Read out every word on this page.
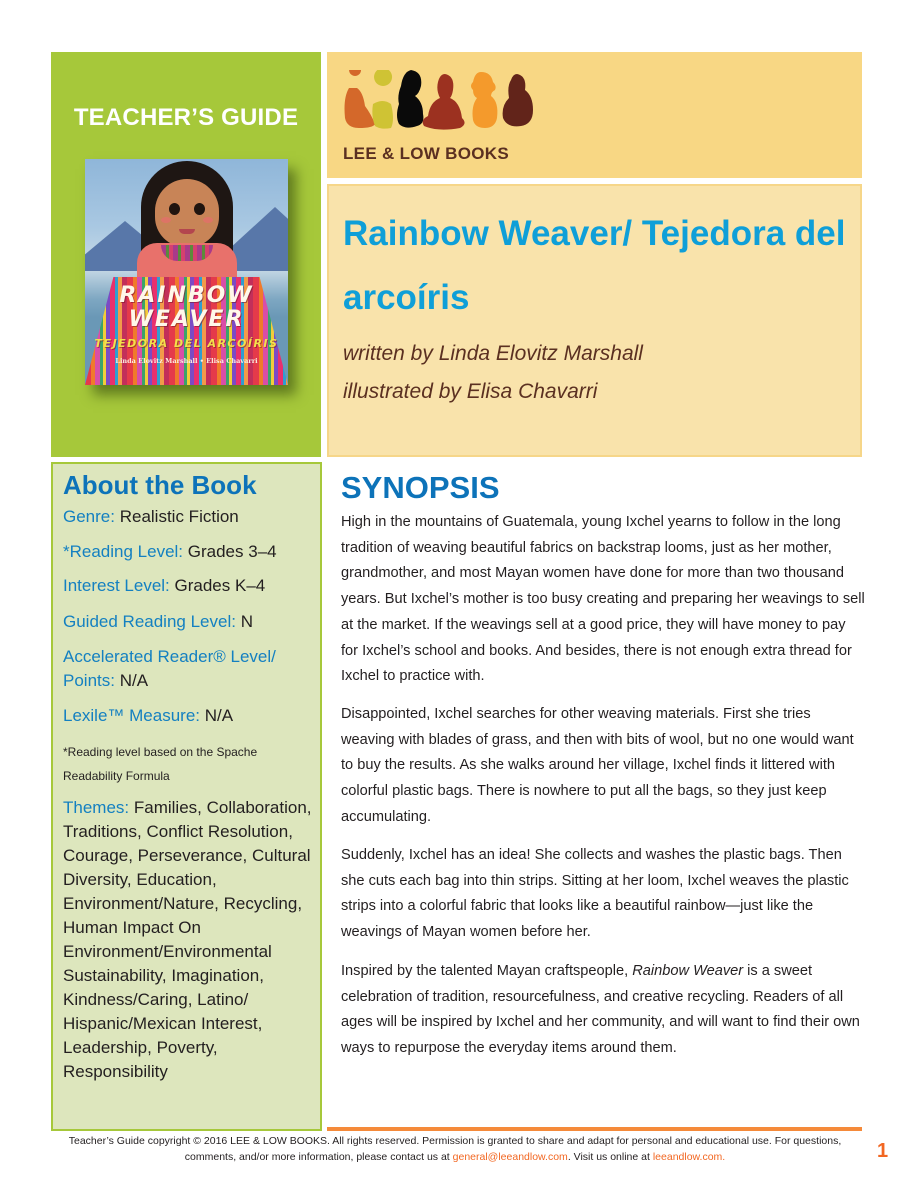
TEACHER’S GUIDE
RAINBOW
WEAVER
TEJEDORA DEL ARCOÍRIS
Linda Elovitz Marshall • Elisa Chavarri
LEE & LOW BOOKS
Rainbow Weaver/ Tejedora del arcoíris
written by Linda Elovitz Marshall
illustrated by Elisa Chavarri
About the Book
Genre: Realistic Fiction
*Reading Level: Grades 3–4
Interest Level: Grades K–4
Guided Reading Level: N
Accelerated Reader® Level/ Points: N/A
Lexile™ Measure: N/A
*Reading level based on the Spache Readability Formula
Themes: Families, Collaboration, Traditions, Conflict Resolution, Courage, Perseverance, Cultural Diversity, Education, Environment/Nature, Recycling, Human Impact On Environment/Environmental Sustainability, Imagination, Kindness/Caring, Latino/ Hispanic/Mexican Interest, Leadership, Poverty, Responsibility
SYNOPSIS

High in the mountains of Guatemala, young Ixchel yearns to follow in the long tradition of weaving beautiful fabrics on backstrap looms, just as her mother, grandmother, and most Mayan women have done for more than two thousand years. But Ixchel’s mother is too busy creating and preparing her weavings to sell at the market. If the weavings sell at a good price, they will have money to pay for Ixchel’s school and books. And besides, there is not enough extra thread for Ixchel to practice with.

Disappointed, Ixchel searches for other weaving materials. First she tries weaving with blades of grass, and then with bits of wool, but no one would want to buy the results. As she walks around her village, Ixchel finds it littered with colorful plastic bags. There is nowhere to put all the bags, so they just keep accumulating.

Suddenly, Ixchel has an idea! She collects and washes the plastic bags. Then she cuts each bag into thin strips. Sitting at her loom, Ixchel weaves the plastic strips into a colorful fabric that looks like a beautiful rainbow—just like the weavings of Mayan women before her.

Inspired by the talented Mayan craftspeople, Rainbow Weaver is a sweet celebration of tradition, resourcefulness, and creative recycling. Readers of all ages will be inspired by Ixchel and her community, and will want to find their own ways to repurpose the everyday items around them.

Teacher’s Guide copyright © 2016 LEE & LOW BOOKS. All rights reserved. Permission is granted to share and adapt for personal and educational use. For questions, comments, and/or more information, please contact us at general@leeandlow.com. Visit us online at leeandlow.com.	1
